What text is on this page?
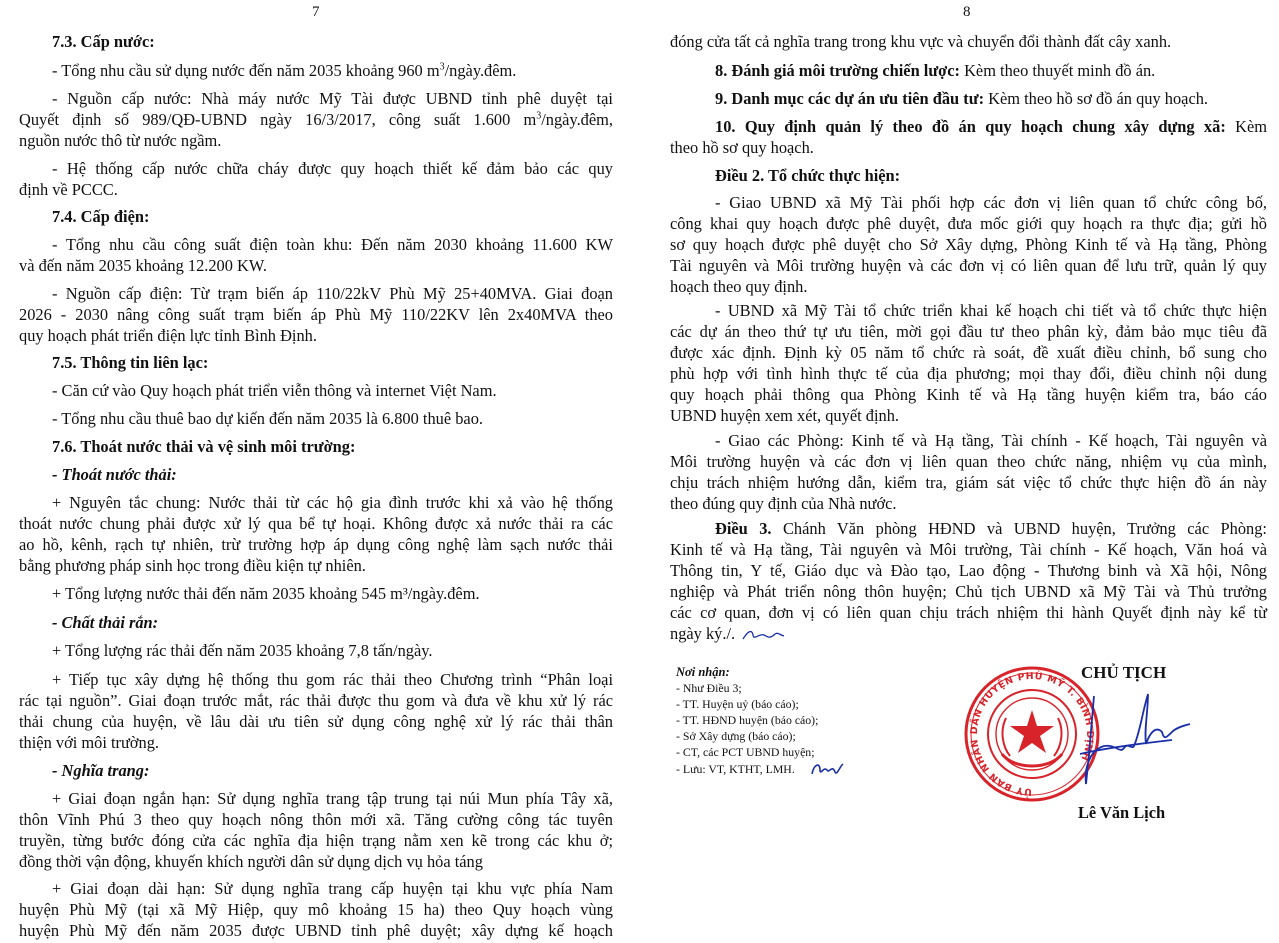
7
7.3. Cấp nước:
- Tổng nhu cầu sử dụng nước đến năm 2035 khoảng 960 $m^3/ngày.đêm$.
- Nguồn cấp nước: Nhà máy nước Mỹ Tài được UBND tỉnh phê duyệt tại
Quyết định số 989/QĐ-UBND ngày 16/3/2017, công suất 1.600 $m^3/ngày.đêm$,
nguồn nước thô từ nước ngầm.
- Hệ thống cấp nước chữa cháy được quy hoạch thiết kế đảm bảo các quy
định về PCCC.
7.4. Cấp điện:
- Tổng nhu cầu công suất điện toàn khu: Đến năm 2030 khoảng 11.600 KW
và đến năm 2035 khoảng 12.200 KW.
- Nguồn cấp điện: Từ trạm biến áp 110/22kV Phù Mỹ 25+40MVA. Giai đoạn
2026 - 2030 nâng công suất trạm biến áp Phù Mỹ 110/22KV lên 2x40MVA theo
quy hoạch phát triển điện lực tỉnh Bình Định.
7.5. Thông tin liên lạc:
- Căn cứ vào Quy hoạch phát triển viễn thông và internet Việt Nam.
- Tổng nhu cầu thuê bao dự kiến đến năm 2035 là 6.800 thuê bao.
7.6. Thoát nước thải và vệ sinh môi trường:
- Thoát nước thải:
+ Nguyên tắc chung: Nước thải từ các hộ gia đình trước khi xả vào hệ thống
thoát nước chung phải được xử lý qua bể tự hoại. Không được xả nước thải ra các
ao hồ, kênh, rạch tự nhiên, trừ trường hợp áp dụng công nghệ làm sạch nước thải
bằng phương pháp sinh học trong điều kiện tự nhiên.
+ Tổng lượng nước thải đến năm 2035 khoảng 545 m³/ngày.đêm.
- Chất thải rắn:
+ Tổng lượng rác thải đến năm 2035 khoảng 7,8 tấn/ngày.
+ Tiếp tục xây dựng hệ thống thu gom rác thải theo Chương trình “Phân loại
rác tại nguồn”. Giai đoạn trước mắt, rác thải được thu gom và đưa về khu xử lý rác
thải chung của huyện, về lâu dài ưu tiên sử dụng công nghệ xử lý rác thải thân
thiện với môi trường.
- Nghĩa trang:
+ Giai đoạn ngắn hạn: Sử dụng nghĩa trang tập trung tại núi Mun phía Tây xã,
thôn Vĩnh Phú 3 theo quy hoạch nông thôn mới xã. Tăng cường công tác tuyên
truyền, từng bước đóng cửa các nghĩa địa hiện trạng nằm xen kẽ trong các khu ở;
đồng thời vận động, khuyến khích người dân sử dụng dịch vụ hỏa táng
+ Giai đoạn dài hạn: Sử dụng nghĩa trang cấp huyện tại khu vực phía Nam
huyện Phù Mỹ (tại xã Mỹ Hiệp, quy mô khoảng 15 ha) theo Quy hoạch vùng
huyện Phù Mỹ đến năm 2035 được UBND tỉnh phê duyệt; xây dựng kế hoạch
8
đóng cửa tất cả nghĩa trang trong khu vực và chuyển đổi thành đất cây xanh.
8. Đánh giá môi trường chiến lược: Kèm theo thuyết minh đồ án.
9. Danh mục các dự án ưu tiên đầu tư: Kèm theo hồ sơ đồ án quy hoạch.
10. Quy định quản lý theo đồ án quy hoạch chung xây dựng xã: Kèm
theo hồ sơ quy hoạch.
Điều 2. Tổ chức thực hiện:
- Giao UBND xã Mỹ Tài phối hợp các đơn vị liên quan tổ chức công bố,
công khai quy hoạch được phê duyệt, đưa mốc giới quy hoạch ra thực địa; gửi hồ
sơ quy hoạch được phê duyệt cho Sở Xây dựng, Phòng Kinh tế và Hạ tầng, Phòng
Tài nguyên và Môi trường huyện và các đơn vị có liên quan để lưu trữ, quản lý quy
hoạch theo quy định.
- UBND xã Mỹ Tài tổ chức triển khai kế hoạch chi tiết và tổ chức thực hiện
các dự án theo thứ tự ưu tiên, mời gọi đầu tư theo phân kỳ, đảm bảo mục tiêu đã
được xác định. Định kỳ 05 năm tổ chức rà soát, đề xuất điều chỉnh, bổ sung cho
phù hợp với tình hình thực tế của địa phương; mọi thay đổi, điều chỉnh nội dung
quy hoạch phải thông qua Phòng Kinh tế và Hạ tầng huyện kiểm tra, báo cáo
UBND huyện xem xét, quyết định.
- Giao các Phòng: Kinh tế và Hạ tầng, Tài chính - Kế hoạch, Tài nguyên và
Môi trường huyện và các đơn vị liên quan theo chức năng, nhiệm vụ của mình,
chịu trách nhiệm hướng dẫn, kiểm tra, giám sát việc tổ chức thực hiện đồ án này
theo đúng quy định của Nhà nước.
Điều 3. Chánh Văn phòng HĐND và UBND huyện, Trưởng các Phòng:
Kinh tế và Hạ tầng, Tài nguyên và Môi trường, Tài chính - Kế hoạch, Văn hoá và
Thông tin, Y tế, Giáo dục và Đào tạo, Lao động - Thương binh và Xã hội, Nông
nghiệp và Phát triển nông thôn huyện; Chủ tịch UBND xã Mỹ Tài và Thủ trưởng
các cơ quan, đơn vị có liên quan chịu trách nhiệm thi hành Quyết định này kể từ
ngày ký./.
Nơi nhận:
- Như Điều 3;
- TT. Huyện uỷ (báo cáo);
- TT. HĐND huyện (báo cáo);
- Sở Xây dựng (báo cáo);
- CT, các PCT UBND huyện;
- Lưu: VT, KTHT, LMH.
CHỦ TỊCH
ỦY BAN NHÂN DÂN HUYỆN PHÙ MỸ T. BÌNH ĐỊNH
Lê Văn Lịch
